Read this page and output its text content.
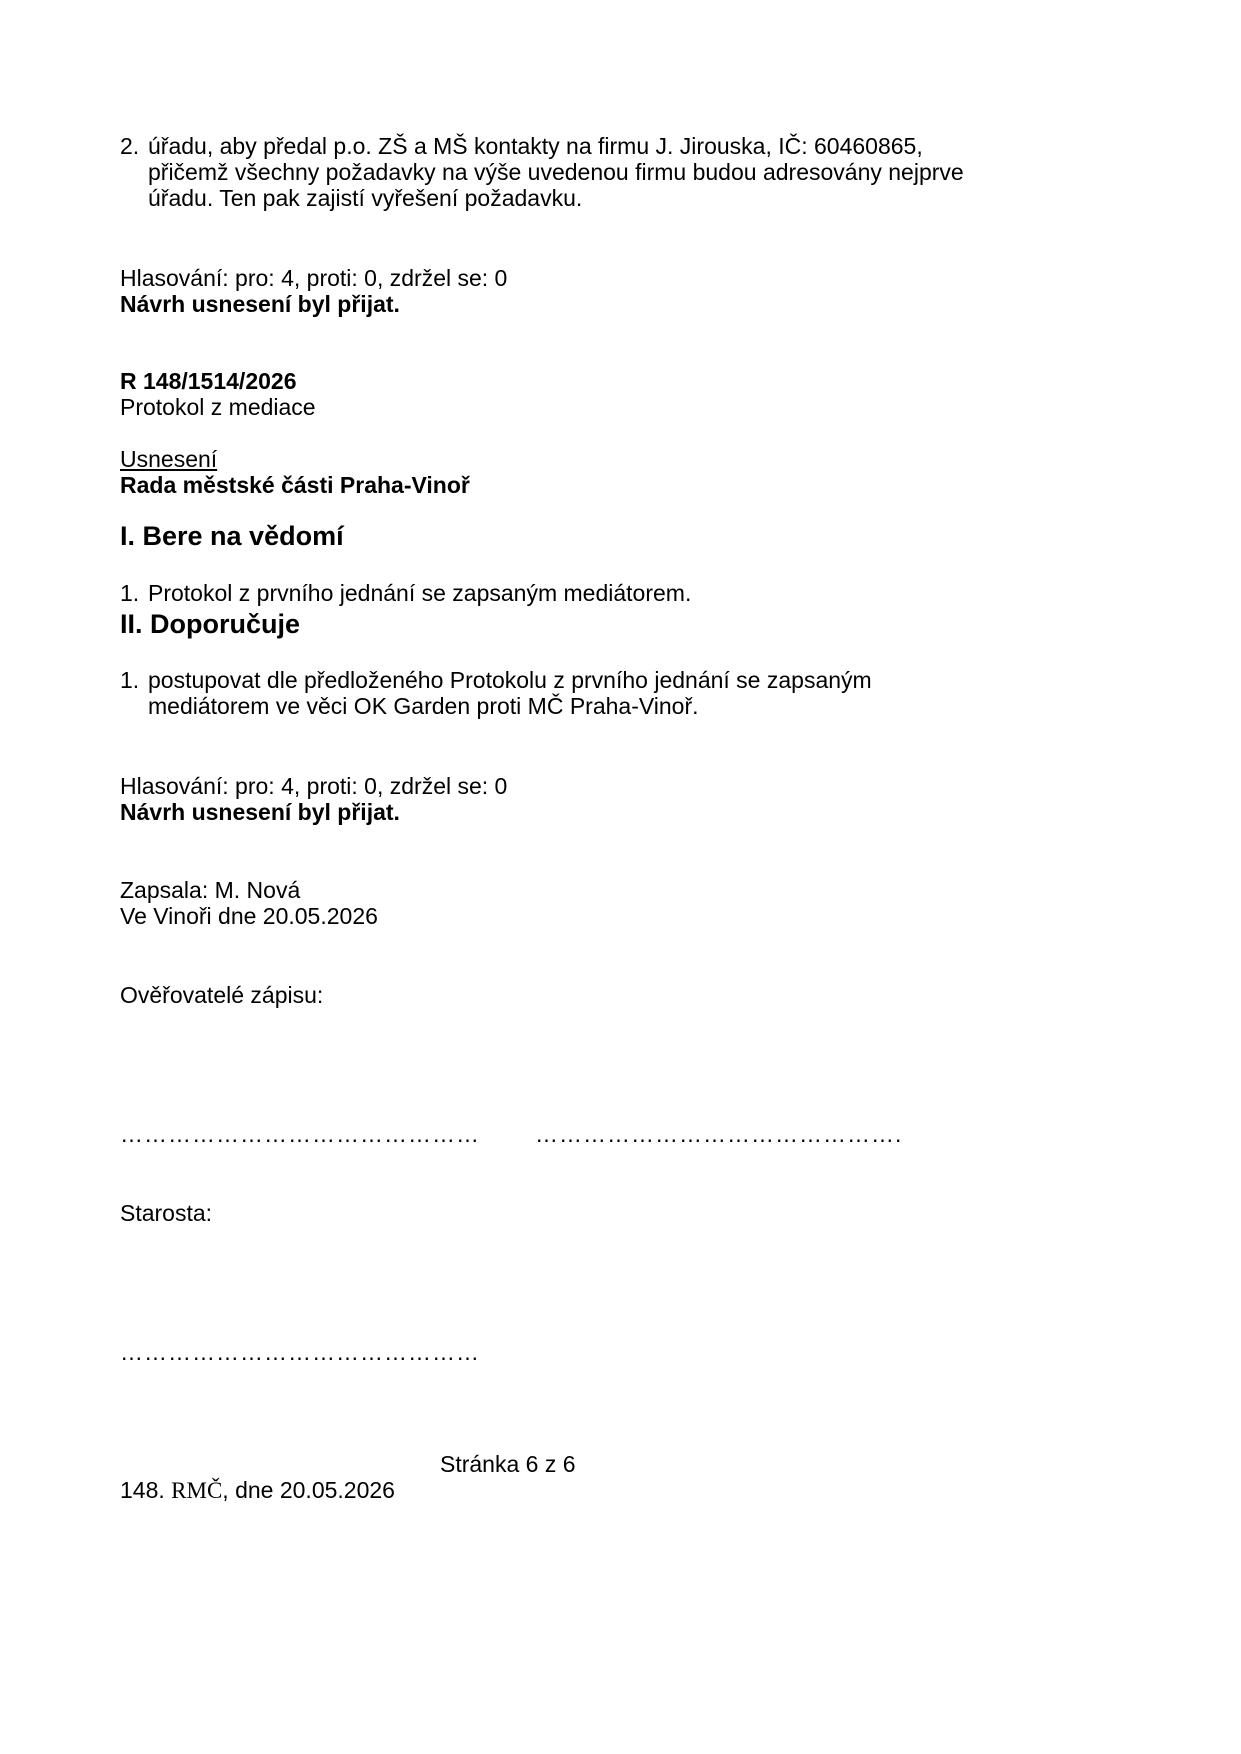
2. úřadu, aby předal p.o. ZŠ a MŠ kontakty na firmu J. Jirouska, IČ: 60460865,
přičemž všechny požadavky na výše uvedenou firmu budou adresovány nejprve
úřadu. Ten pak zajistí vyřešení požadavku.
Hlasování: pro: 4, proti: 0, zdržel se: 0
Návrh usnesení byl přijat.
R 148/1514/2026
Protokol z mediace
Usnesení
Rada městské části Praha-Vinoř
I. Bere na vědomí
1. Protokol z prvního jednání se zapsaným mediátorem.
II. Doporučuje
1. postupovat dle předloženého Protokolu z prvního jednání se zapsaným
mediátorem ve věci OK Garden proti MČ Praha-Vinoř.
Hlasování: pro: 4, proti: 0, zdržel se: 0
Návrh usnesení byl přijat.
Zapsala: M. Nová
Ve Vinoři dne 20.05.2026
Ověřovatelé zápisu:
……………………………………… ……………………………………….
Starosta:
………………………………………
Stránka 6 z 6
148. RMČ, dne 20.05.2026
